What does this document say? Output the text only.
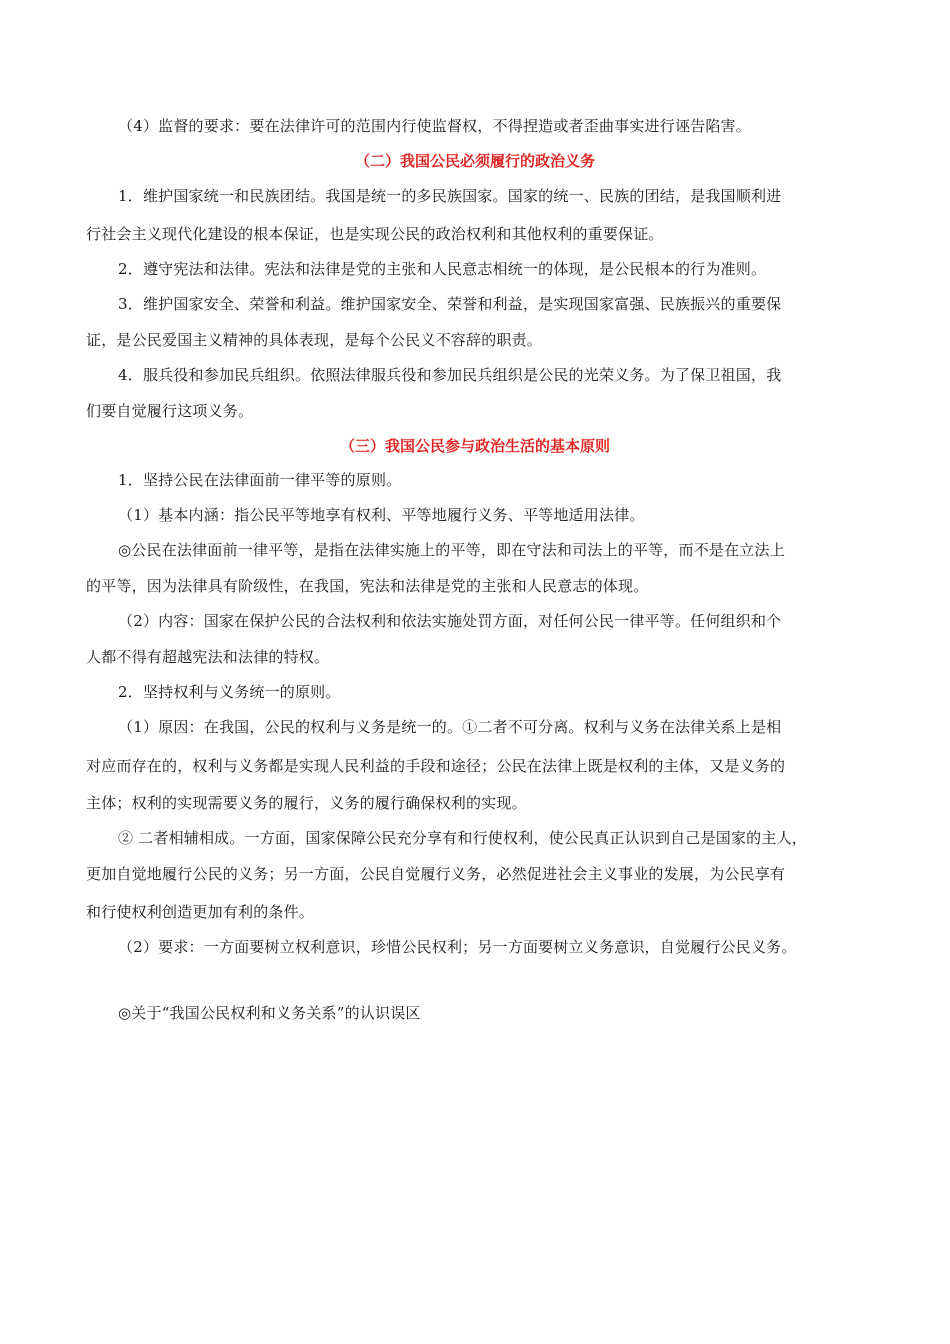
（4）监督的要求：要在法律许可的范围内行使监督权，不得捏造或者歪曲事实进行诬告陷害。
（二）我国公民必须履行的政治义务
1．维护国家统一和民族团结。我国是统一的多民族国家。国家的统一、民族的团结，是我国顺利进
行社会主义现代化建设的根本保证，也是实现公民的政治权利和其他权利的重要保证。
2．遵守宪法和法律。宪法和法律是党的主张和人民意志相统一的体现，是公民根本的行为准则。
3．维护国家安全、荣誉和利益。维护国家安全、荣誉和利益，是实现国家富强、民族振兴的重要保
证，是公民爱国主义精神的具体表现，是每个公民义不容辞的职责。
4．服兵役和参加民兵组织。依照法律服兵役和参加民兵组织是公民的光荣义务。为了保卫祖国，我
们要自觉履行这项义务。
（三）我国公民参与政治生活的基本原则
1．坚持公民在法律面前一律平等的原则。
（1）基本内涵：指公民平等地享有权利、平等地履行义务、平等地适用法律。
◎公民在法律面前一律平等，是指在法律实施上的平等，即在守法和司法上的平等，而不是在立法上
的平等，因为法律具有阶级性，在我国，宪法和法律是党的主张和人民意志的体现。
（2）内容：国家在保护公民的合法权利和依法实施处罚方面，对任何公民一律平等。任何组织和个
人都不得有超越宪法和法律的特权。
2．坚持权利与义务统一的原则。
（1）原因：在我国，公民的权利与义务是统一的。①二者不可分离。权利与义务在法律关系上是相
对应而存在的，权利与义务都是实现人民利益的手段和途径；公民在法律上既是权利的主体，又是义务的
主体；权利的实现需要义务的履行，义务的履行确保权利的实现。
② 二者相辅相成。一方面，国家保障公民充分享有和行使权利，使公民真正认识到自己是国家的主人，
更加自觉地履行公民的义务；另一方面，公民自觉履行义务，必然促进社会主义事业的发展，为公民享有
和行使权利创造更加有利的条件。
（2）要求：一方面要树立权利意识，珍惜公民权利；另一方面要树立义务意识，自觉履行公民义务。
◎关于“我国公民权利和义务关系”的认识误区
